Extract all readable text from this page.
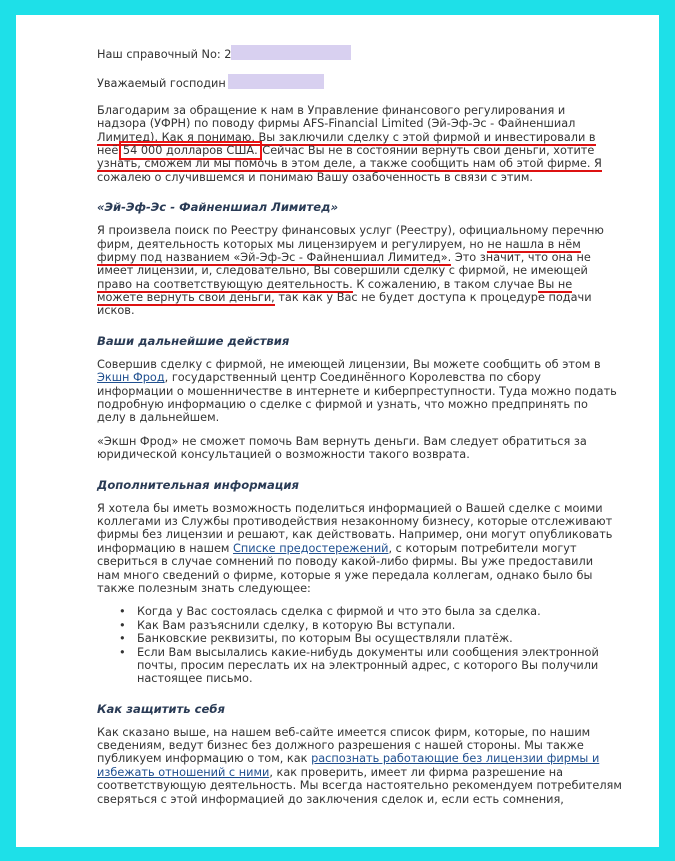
Наш справочный No: 2
Уважаемый господин
Благодарим за обращение к нам в Управление финансового регулирования и
надзора (УФРН) по поводу фирмы AFS-Financial Limited (Эй-Эф-Эс - Файненшиал
Лимитед). Как я понимаю, Вы заключили сделку с этой фирмой и инвестировали в
неё 54 000 долларов США. Сейчас Вы не в состоянии вернуть свои деньги, хотите
узнать, сможем ли мы помочь в этом деле, а также сообщить нам об этой фирме. Я
сожалею о случившемся и понимаю Вашу озабоченность в связи с этим.
«Эй-Эф-Эс - Файненшиал Лимитед»
Я произвела поиск по Реестру финансовых услуг (Реестру), официальному перечню
фирм, деятельность которых мы лицензируем и регулируем, но не нашла в нём
фирму под названием «Эй-Эф-Эс - Файненшиал Лимитед». Это значит, что она не
имеет лицензии, и, следовательно, Вы совершили сделку с фирмой, не имеющей
право на соответствующую деятельность. К сожалению, в таком случае Вы не
можете вернуть свои деньги, так как у Вас не будет доступа к процедуре подачи
исков.
Ваши дальнейшие действия
Совершив сделку с фирмой, не имеющей лицензии, Вы можете сообщить об этом в
Экшн Фрод, государственный центр Соединённого Королевства по сбору
информации о мошенничестве в интернете и киберпреступности. Туда можно подать
подробную информацию о сделке с фирмой и узнать, что можно предпринять по
делу в дальнейшем.
«Экшн Фрод» не сможет помочь Вам вернуть деньги. Вам следует обратиться за
юридической консультацией о возможности такого возврата.
Дополнительная информация
Я хотела бы иметь возможность поделиться информацией о Вашей сделке с моими
коллегами из Службы противодействия незаконному бизнесу, которые отслеживают
фирмы без лицензии и решают, как действовать. Например, они могут опубликовать
информацию в нашем Списке предостережений, с которым потребители могут
свериться в случае сомнений по поводу какой-либо фирмы. Вы уже предоставили
нам много сведений о фирме, которые я уже передала коллегам, однако было бы
также полезным знать следующее:
• Когда у Вас состоялась сделка с фирмой и что это была за сделка.
• Как Вам разъяснили сделку, в которую Вы вступали.
• Банковские реквизиты, по которым Вы осуществляли платёж.
• Если Вам высылались какие-нибудь документы или сообщения электронной
почты, просим переслать их на электронный адрес, с которого Вы получили
настоящее письмо.
Как защитить себя
Как сказано выше, на нашем веб-сайте имеется список фирм, которые, по нашим
сведениям, ведут бизнес без должного разрешения с нашей стороны. Мы также
публикуем информацию о том, как распознать работающие без лицензии фирмы и
избежать отношений с ними, как проверить, имеет ли фирма разрешение на
соответствующую деятельность. Мы всегда настоятельно рекомендуем потребителям
сверяться с этой информацией до заключения сделок и, если есть сомнения,
